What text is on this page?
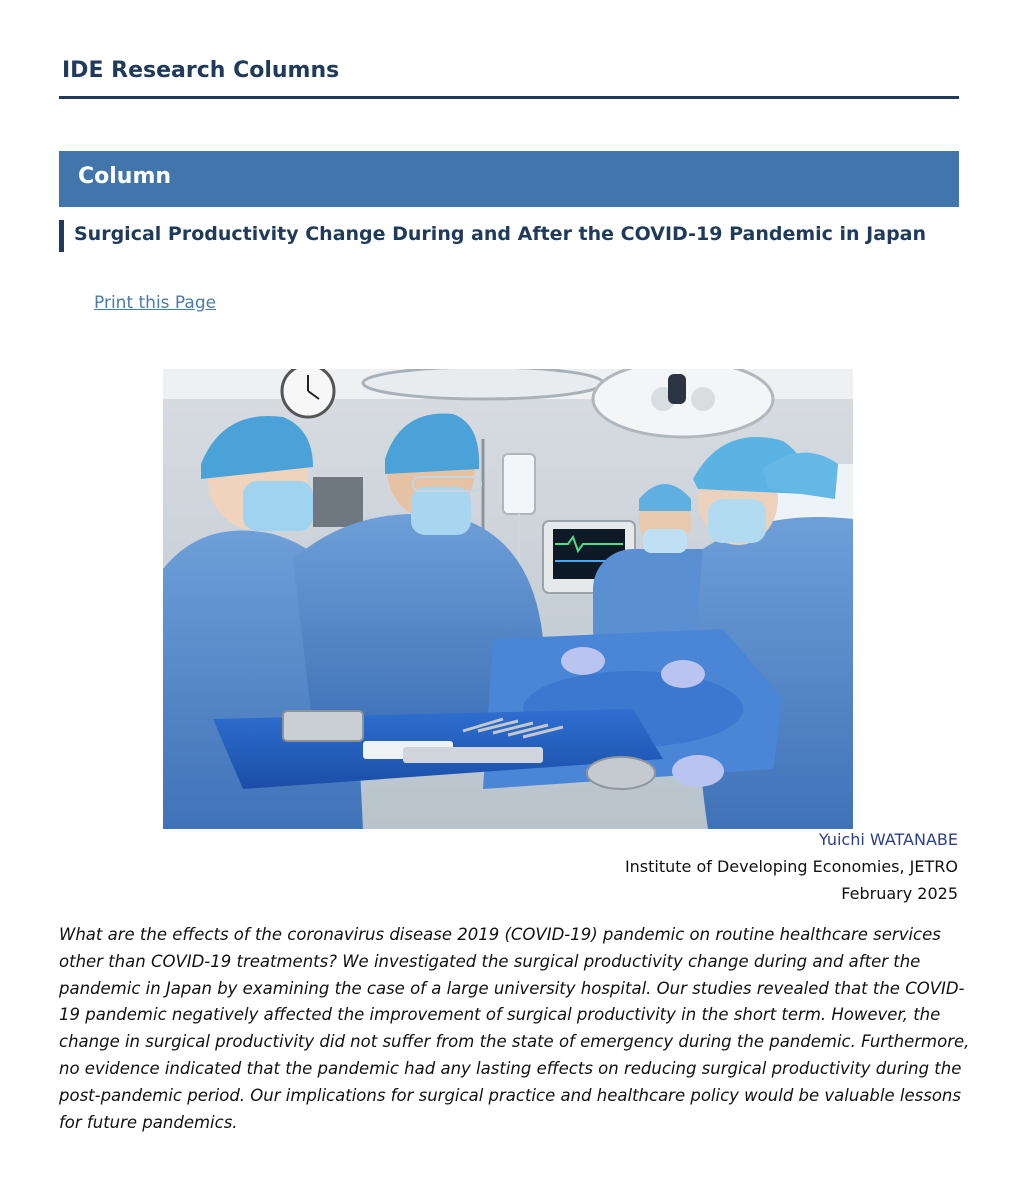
IDE Research Columns
Column
Surgical Productivity Change During and After the COVID-19 Pandemic in Japan
Print this Page
Yuichi WATANABE
Institute of Developing Economies, JETRO
February 2025
What are the effects of the coronavirus disease 2019 (COVID-19) pandemic on routine healthcare services
other than COVID-19 treatments? We investigated the surgical productivity change during and after the
pandemic in Japan by examining the case of a large university hospital. Our studies revealed that the COVID-
19 pandemic negatively affected the improvement of surgical productivity in the short term. However, the
change in surgical productivity did not suffer from the state of emergency during the pandemic. Furthermore,
no evidence indicated that the pandemic had any lasting effects on reducing surgical productivity during the
post-pandemic period. Our implications for surgical practice and healthcare policy would be valuable lessons
for future pandemics.
